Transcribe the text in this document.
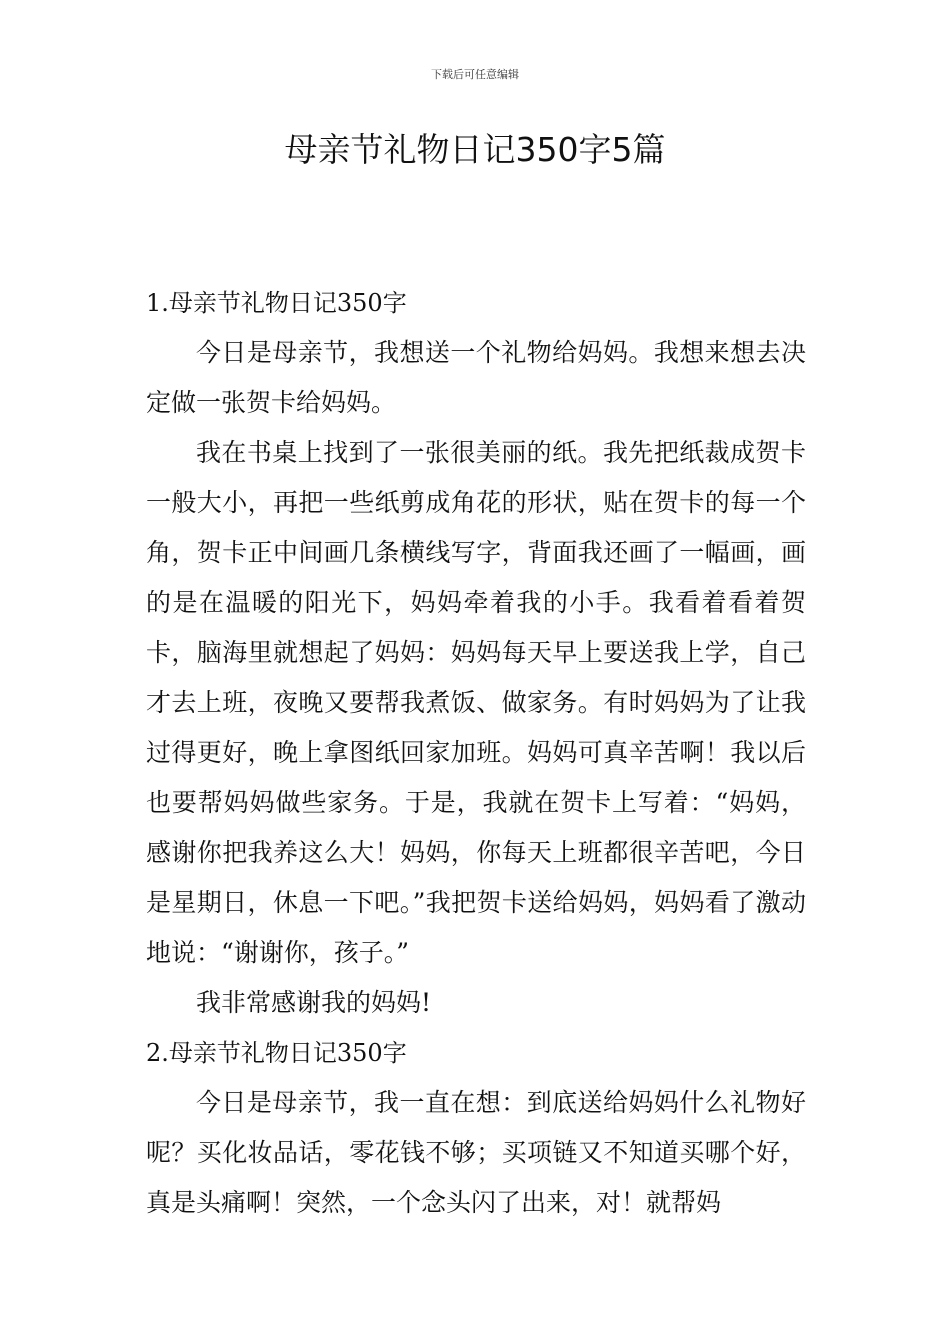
下载后可任意编辑
母亲节礼物日记350字5篇
1.母亲节礼物日记350字

今日是母亲节，我想送一个礼物给妈妈。我想来想去决定做一张贺卡给妈妈。

我在书桌上找到了一张很美丽的纸。我先把纸裁成贺卡一般大小，再把一些纸剪成角花的形状，贴在贺卡的每一个角，贺卡正中间画几条横线写字，背面我还画了一幅画，画的是在温暖的阳光下，妈妈牵着我的小手。我看着看着贺卡，脑海里就想起了妈妈：妈妈每天早上要送我上学，自己才去上班，夜晚又要帮我煮饭、做家务。有时妈妈为了让我过得更好，晚上拿图纸回家加班。妈妈可真辛苦啊！我以后也要帮妈妈做些家务。于是，我就在贺卡上写着：“妈妈，感谢你把我养这么大！妈妈，你每天上班都很辛苦吧，今日是星期日，休息一下吧。”我把贺卡送给妈妈，妈妈看了激动地说：“谢谢你，孩子。”

我非常感谢我的妈妈!

2.母亲节礼物日记350字

今日是母亲节，我一直在想：到底送给妈妈什么礼物好呢？买化妆品话，零花钱不够；买项链又不知道买哪个好，真是头痛啊！突然，一个念头闪了出来，对！就帮妈
